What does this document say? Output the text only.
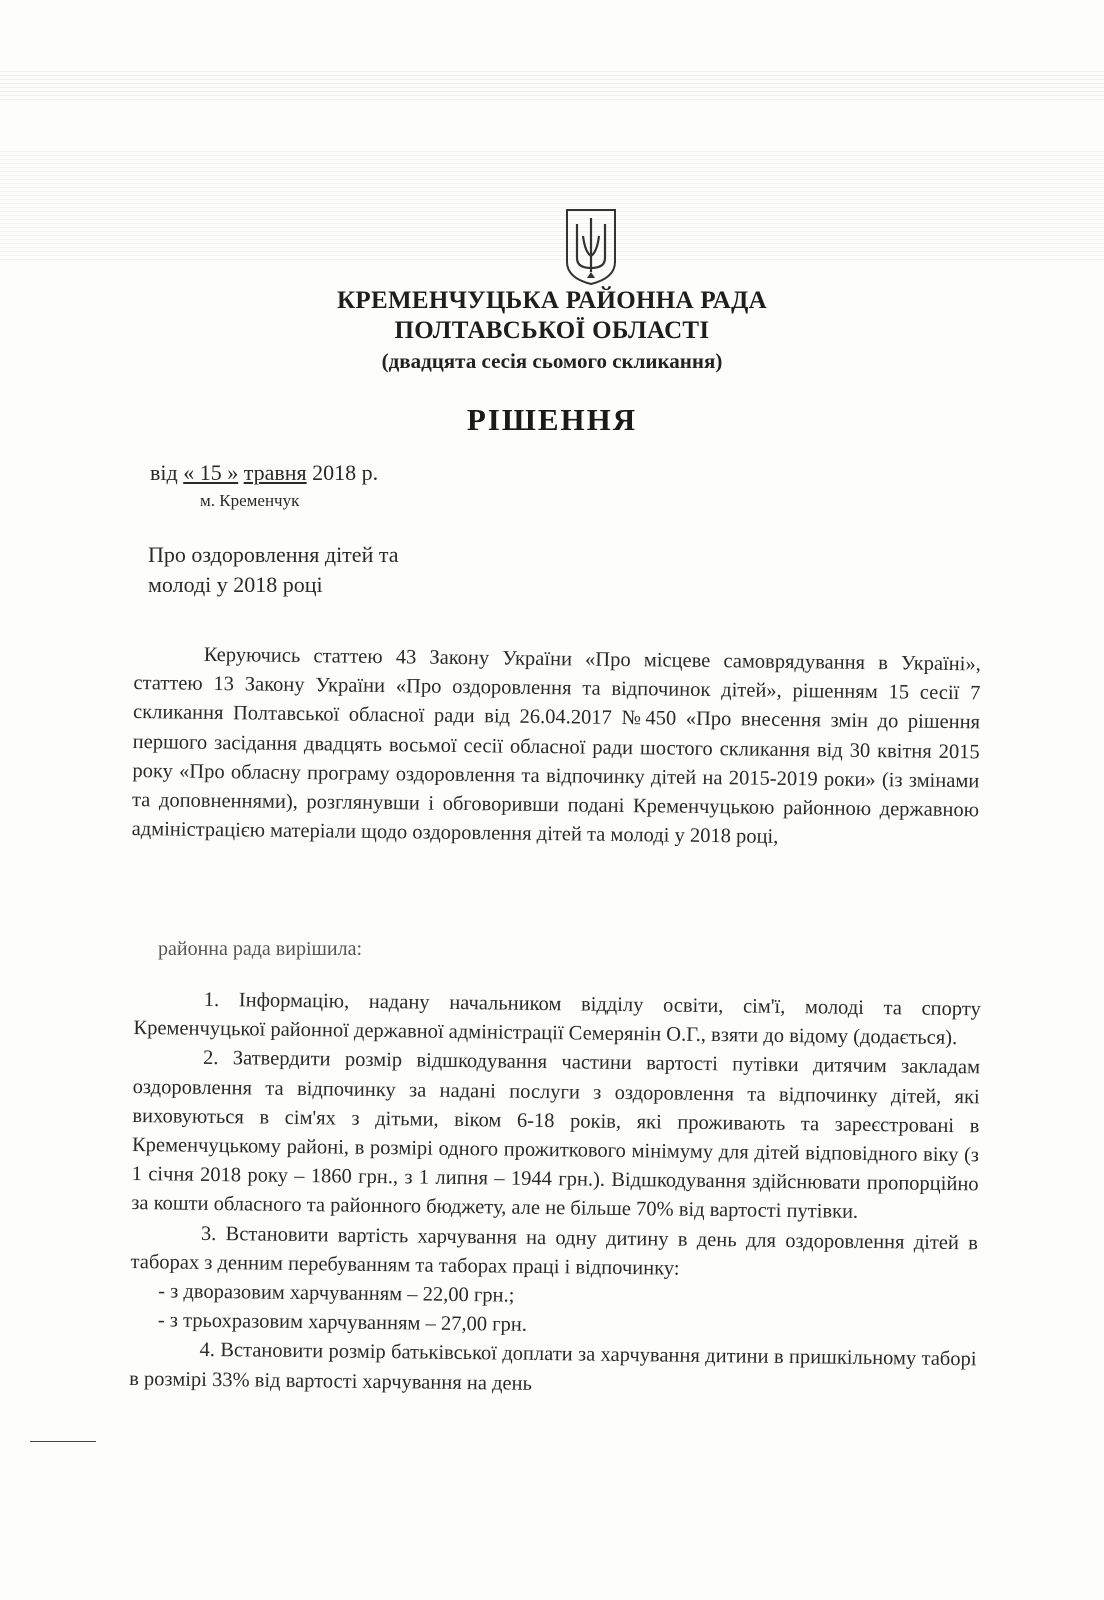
КРЕМЕНЧУЦЬКА РАЙОННА РАДА
ПОЛТАВСЬКОЇ ОБЛАСТІ
(двадцята сесія сьомого скликання)
РІШЕННЯ
від « 15 » травня 2018 р.
м. Кременчук
Про оздоровлення дітей та
молоді у 2018 році
Керуючись статтею 43 Закону України «Про місцеве самоврядування в Україні», статтею 13 Закону України «Про оздоровлення та відпочинок дітей», рішенням 15 сесії 7 скликання Полтавської обласної ради від 26.04.2017 №450 «Про внесення змін до рішення першого засідання двадцять восьмої сесії обласної ради шостого скликання від 30 квітня 2015 року «Про обласну програму оздоровлення та відпочинку дітей на 2015-2019 роки» (із змінами та доповненнями), розглянувши і обговоривши подані Кременчуцькою районною державною адміністрацією матеріали щодо оздоровлення дітей та молоді у 2018 році,
районна рада вирішила:

1. Інформацію, надану начальником відділу освіти, сім'ї, молоді та спорту Кременчуцької районної державної адміністрації Семерянін О.Г., взяти до відому (додається).

2. Затвердити розмір відшкодування частини вартості путівки дитячим закладам оздоровлення та відпочинку за надані послуги з оздоровлення та відпочинку дітей, які виховуються в сім'ях з дітьми, віком 6-18 років, які проживають та зареєстровані в Кременчуцькому районі, в розмірі одного прожиткового мінімуму для дітей відповідного віку (з 1 січня 2018 року – 1860 грн., з 1 липня – 1944 грн.). Відшкодування здійснювати пропорційно за кошти обласного та районного бюджету, але не більше 70% від вартості путівки.

3. Встановити вартість харчування на одну дитину в день для оздоровлення дітей в таборах з денним перебуванням та таборах праці і відпочинку:

- з дворазовим харчуванням – 22,00 грн.;

- з трьохразовим харчуванням – 27,00 грн.

4. Встановити розмір батьківської доплати за харчування дитини в пришкільному таборі в розмірі 33% від вартості харчування на день
